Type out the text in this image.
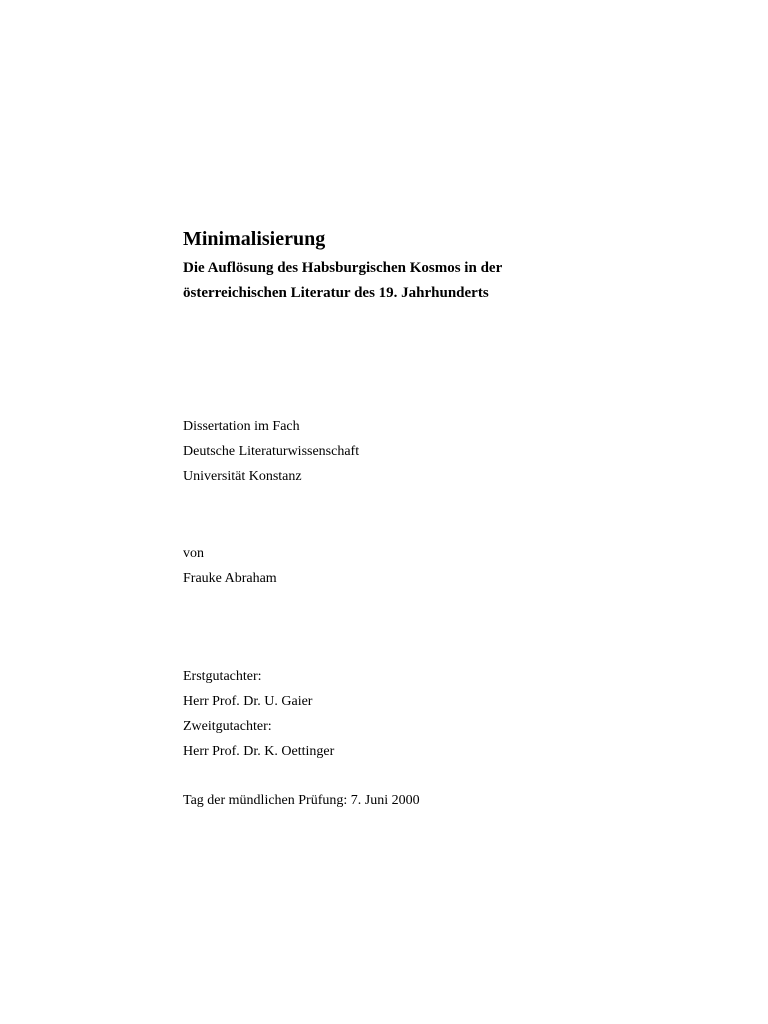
Minimalisierung
Die Auflösung des Habsburgischen Kosmos in der
österreichischen Literatur des 19. Jahrhunderts
Dissertation im Fach
Deutsche Literaturwissenschaft
Universität Konstanz
von
Frauke Abraham
Erstgutachter:
Herr Prof. Dr. U. Gaier
Zweitgutachter:
Herr Prof. Dr. K. Oettinger
Tag der mündlichen Prüfung: 7. Juni 2000
